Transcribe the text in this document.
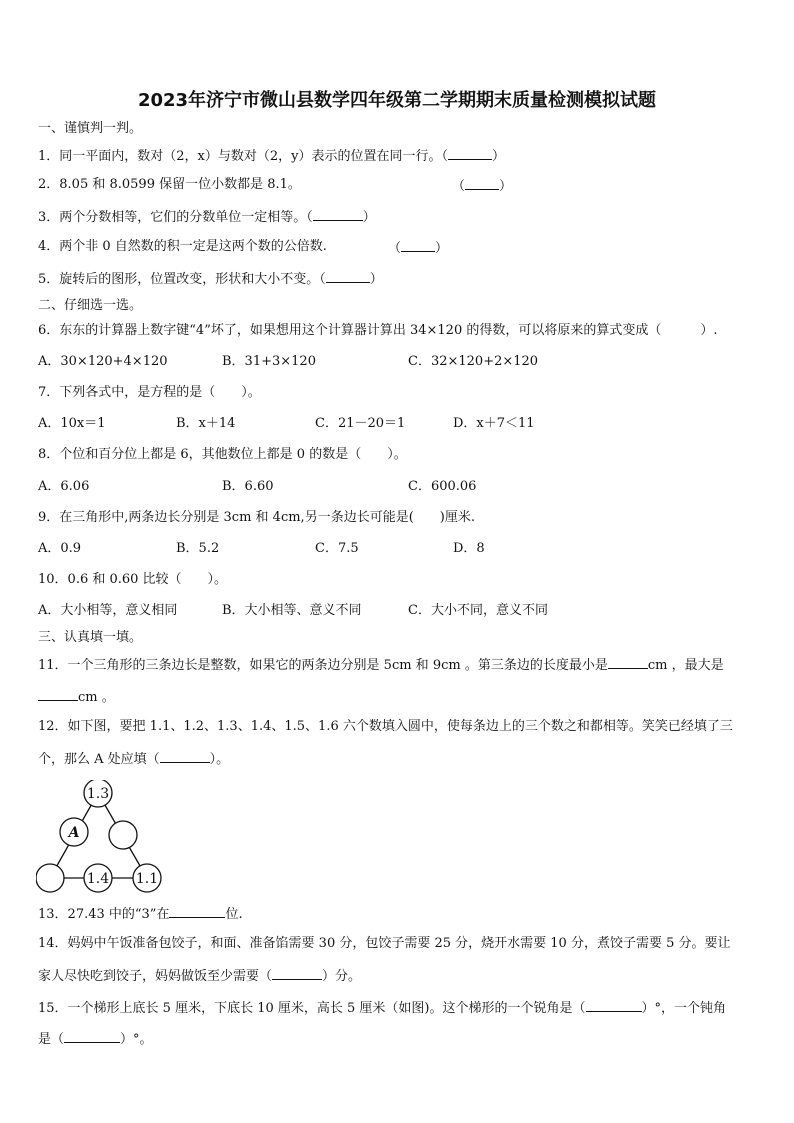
2023年济宁市微山县数学四年级第二学期期末质量检测模拟试题
一、谨慎判一判。
1．同一平面内，数对（2，x）与数对（2，y）表示的位置在同一行。（	）
2．8.05 和 8.0599 保留一位小数都是 8.1。	（	）
3．两个分数相等，它们的分数单位一定相等。（	）
4．两个非 0 自然数的积一定是这两个数的公倍数.	（	）
5．旋转后的图形，位置改变，形状和大小不变。（	）
二、仔细选一选。
6．东东的计算器上数字键“4”坏了，如果想用这个计算器计算出 34×120 的得数，可以将原来的算式变成（　　　）.
A．30×120+4×120	B．31+3×120	C．32×120+2×120
7．下列各式中，是方程的是（　　）。
A．10x＝1	B．x＋14	C．21－20＝1	D．x＋7＜11
8．个位和百分位上都是 6，其他数位上都是 0 的数是（　　）。
A．6.06	B．6.60	C．600.06
9．在三角形中,两条边长分别是 3cm 和 4cm,另一条边长可能是(　　)厘米.
A．0.9	B．5.2	C．7.5	D．8
10．0.6 和 0.60 比较（　　）。
A．大小相等，意义相同	B．大小相等、意义不同	C．大小不同，意义不同
三、认真填一填。
11．一个三角形的三条边长是整数，如果它的两条边分别是 5cm 和 9cm 。第三条边的长度最小是	cm ，最大是
cm 。
12．如下图，要把 1.1、1.2、1.3、1.4、1.5、1.6 六个数填入圆中，使每条边上的三个数之和都相等。笑笑已经填了三
个，那么 A 处应填（	）。
1.3
A
1.4 1.1
13．27.43 中的“3”在	位.
14．妈妈中午饭准备包饺子，和面、准备馅需要 30 分，包饺子需要 25 分，烧开水需要 10 分，煮饺子需要 5 分。要让
家人尽快吃到饺子，妈妈做饭至少需要（	）分。
15．一个梯形上底长 5 厘米，下底长 10 厘米，高长 5 厘米（如图)。这个梯形的一个锐角是（	）°，一个钝角
是（	）°。
